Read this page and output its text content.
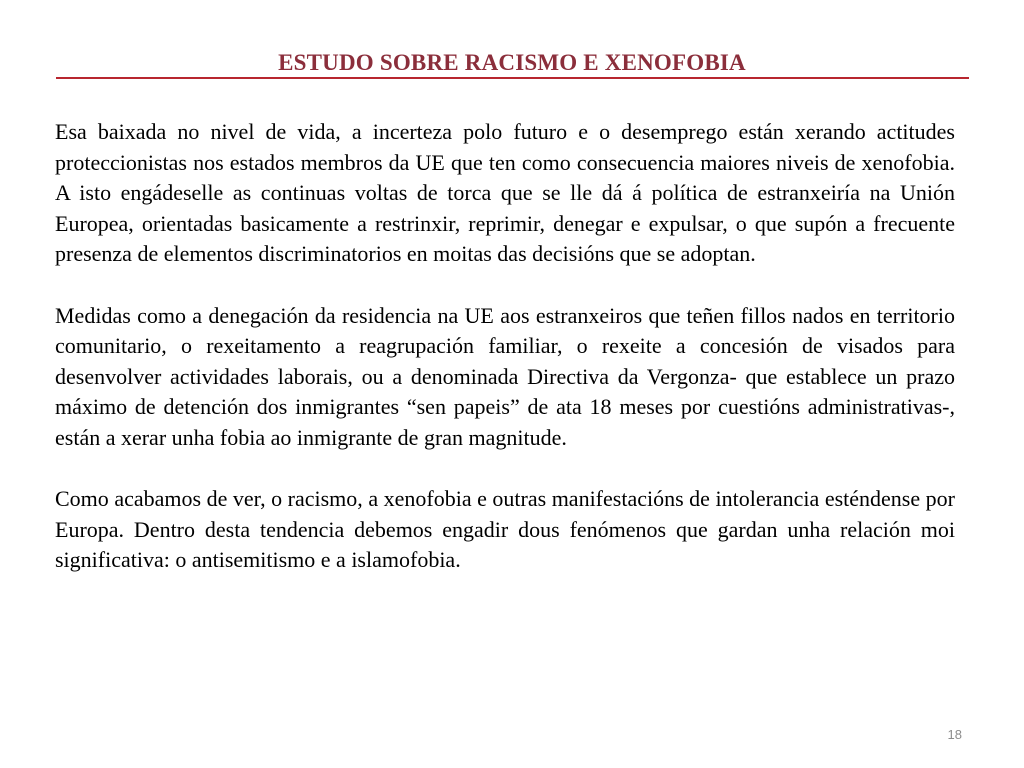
ESTUDO SOBRE RACISMO E XENOFOBIA

Esa baixada no nivel de vida, a incerteza polo futuro e o desemprego están xerando actitudes proteccionistas nos estados membros da UE que ten como consecuencia maiores niveis de xenofobia. A isto engádeselle as continuas voltas de torca que se lle dá á política de estranxeiría na Unión Europea, orientadas basicamente a restrinxir, reprimir, denegar e expulsar, o que supón a frecuente presenza de elementos discriminatorios en moitas das decisións que se adoptan.

Medidas como a denegación da residencia na UE aos estranxeiros que teñen fillos nados en territorio comunitario, o rexeitamento a reagrupación familiar, o rexeite a concesión de visados para desenvolver actividades laborais, ou a denominada Directiva da Vergonza- que establece un prazo máximo de detención dos inmigrantes “sen papeis” de ata 18 meses por cuestións administrativas-, están a xerar unha fobia ao inmigrante de gran magnitude.

Como acabamos de ver, o racismo, a xenofobia e outras manifestacións de intolerancia esténdense por Europa. Dentro desta tendencia debemos engadir dous fenómenos que gardan unha relación moi significativa: o antisemitismo e a islamofobia.

18
